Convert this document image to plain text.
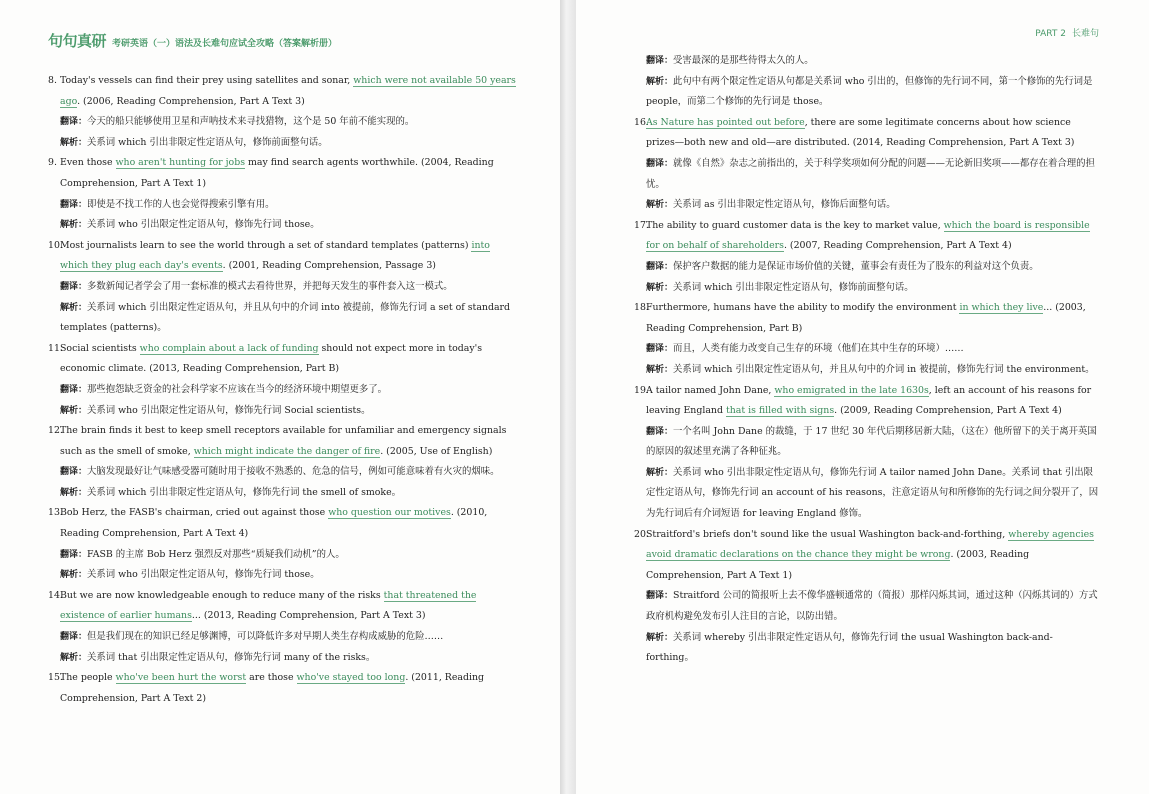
句句真研 考研英语（一）语法及长难句应试全攻略（答案解析册）
8. Today's vessels can find their prey using satellites and sonar, which were not available 50 years ago. (2006, Reading Comprehension, Part A Text 3)
翻译：今天的船只能够使用卫星和声呐技术来寻找猎物，这个是 50 年前不能实现的。
解析：关系词 which 引出非限定性定语从句，修饰前面整句话。
9. Even those who aren't hunting for jobs may find search agents worthwhile. (2004, Reading Comprehension, Part A Text 1)
翻译：即使是不找工作的人也会觉得搜索引擎有用。
解析：关系词 who 引出限定性定语从句，修饰先行词 those。
10.Most journalists learn to see the world through a set of standard templates (patterns) into which they plug each day's events. (2001, Reading Comprehension, Passage 3)
翻译：多数新闻记者学会了用一套标准的模式去看待世界，并把每天发生的事件套入这一模式。
解析：关系词 which 引出限定性定语从句，并且从句中的介词 into 被提前，修饰先行词 a set of standard templates (patterns)。
11.Social scientists who complain about a lack of funding should not expect more in today's economic climate. (2013, Reading Comprehension, Part B)
翻译：那些抱怨缺乏资金的社会科学家不应该在当今的经济环境中期望更多了。
解析：关系词 who 引出限定性定语从句，修饰先行词 Social scientists。
12.The brain finds it best to keep smell receptors available for unfamiliar and emergency signals such as the smell of smoke, which might indicate the danger of fire. (2005, Use of English)
翻译：大脑发现最好让气味感受器可随时用于接收不熟悉的、危急的信号，例如可能意味着有火灾的烟味。
解析：关系词 which 引出非限定性定语从句，修饰先行词 the smell of smoke。
13.Bob Herz, the FASB's chairman, cried out against those who question our motives. (2010, Reading Comprehension, Part A Text 4)
翻译：FASB 的主席 Bob Herz 强烈反对那些“质疑我们动机”的人。
解析：关系词 who 引出限定性定语从句，修饰先行词 those。
14.But we are now knowledgeable enough to reduce many of the risks that threatened the existence of earlier humans... (2013, Reading Comprehension, Part A Text 3)
翻译：但是我们现在的知识已经足够渊博，可以降低许多对早期人类生存构成威胁的危险……
解析：关系词 that 引出限定性定语从句，修饰先行词 many of the risks。
15.The people who've been hurt the worst are those who've stayed too long. (2011, Reading Comprehension, Part A Text 2)
PART 2 长难句
翻译：受害最深的是那些待得太久的人。
解析：此句中有两个限定性定语从句都是关系词 who 引出的，但修饰的先行词不同，第一个修饰的先行词是 people，而第二个修饰的先行词是 those。
16.As Nature has pointed out before, there are some legitimate concerns about how science prizes—both new and old—are distributed. (2014, Reading Comprehension, Part A Text 3)
翻译：就像《自然》杂志之前指出的，关于科学奖项如何分配的问题——无论新旧奖项——都存在着合理的担忧。
解析：关系词 as 引出非限定性定语从句，修饰后面整句话。
17.The ability to guard customer data is the key to market value, which the board is responsible for on behalf of shareholders. (2007, Reading Comprehension, Part A Text 4)
翻译：保护客户数据的能力是保证市场价值的关键，董事会有责任为了股东的利益对这个负责。
解析：关系词 which 引出非限定性定语从句，修饰前面整句话。
18.Furthermore, humans have the ability to modify the environment in which they live... (2003, Reading Comprehension, Part B)
翻译：而且，人类有能力改变自己生存的环境（他们在其中生存的环境）……
解析：关系词 which 引出限定性定语从句，并且从句中的介词 in 被提前，修饰先行词 the environment。
19.A tailor named John Dane, who emigrated in the late 1630s, left an account of his reasons for leaving England that is filled with signs. (2009, Reading Comprehension, Part A Text 4)
翻译：一个名叫 John Dane 的裁缝，于 17 世纪 30 年代后期移居新大陆，（这在）他所留下的关于离开英国的原因的叙述里充满了各种征兆。
解析：关系词 who 引出非限定性定语从句，修饰先行词 A tailor named John Dane。关系词 that 引出限定性定语从句，修饰先行词 an account of his reasons，注意定语从句和所修饰的先行词之间分裂开了，因为先行词后有介词短语 for leaving England 修饰。
20.Straitford's briefs don't sound like the usual Washington back-and-forthing, whereby agencies avoid dramatic declarations on the chance they might be wrong. (2003, Reading Comprehension, Part A Text 1)
翻译：Straitford 公司的简报听上去不像华盛顿通常的（简报）那样闪烁其词，通过这种（闪烁其词的）方式政府机构避免发布引人注目的言论，以防出错。
解析：关系词 whereby 引出非限定性定语从句，修饰先行词 the usual Washington back-and-forthing。
